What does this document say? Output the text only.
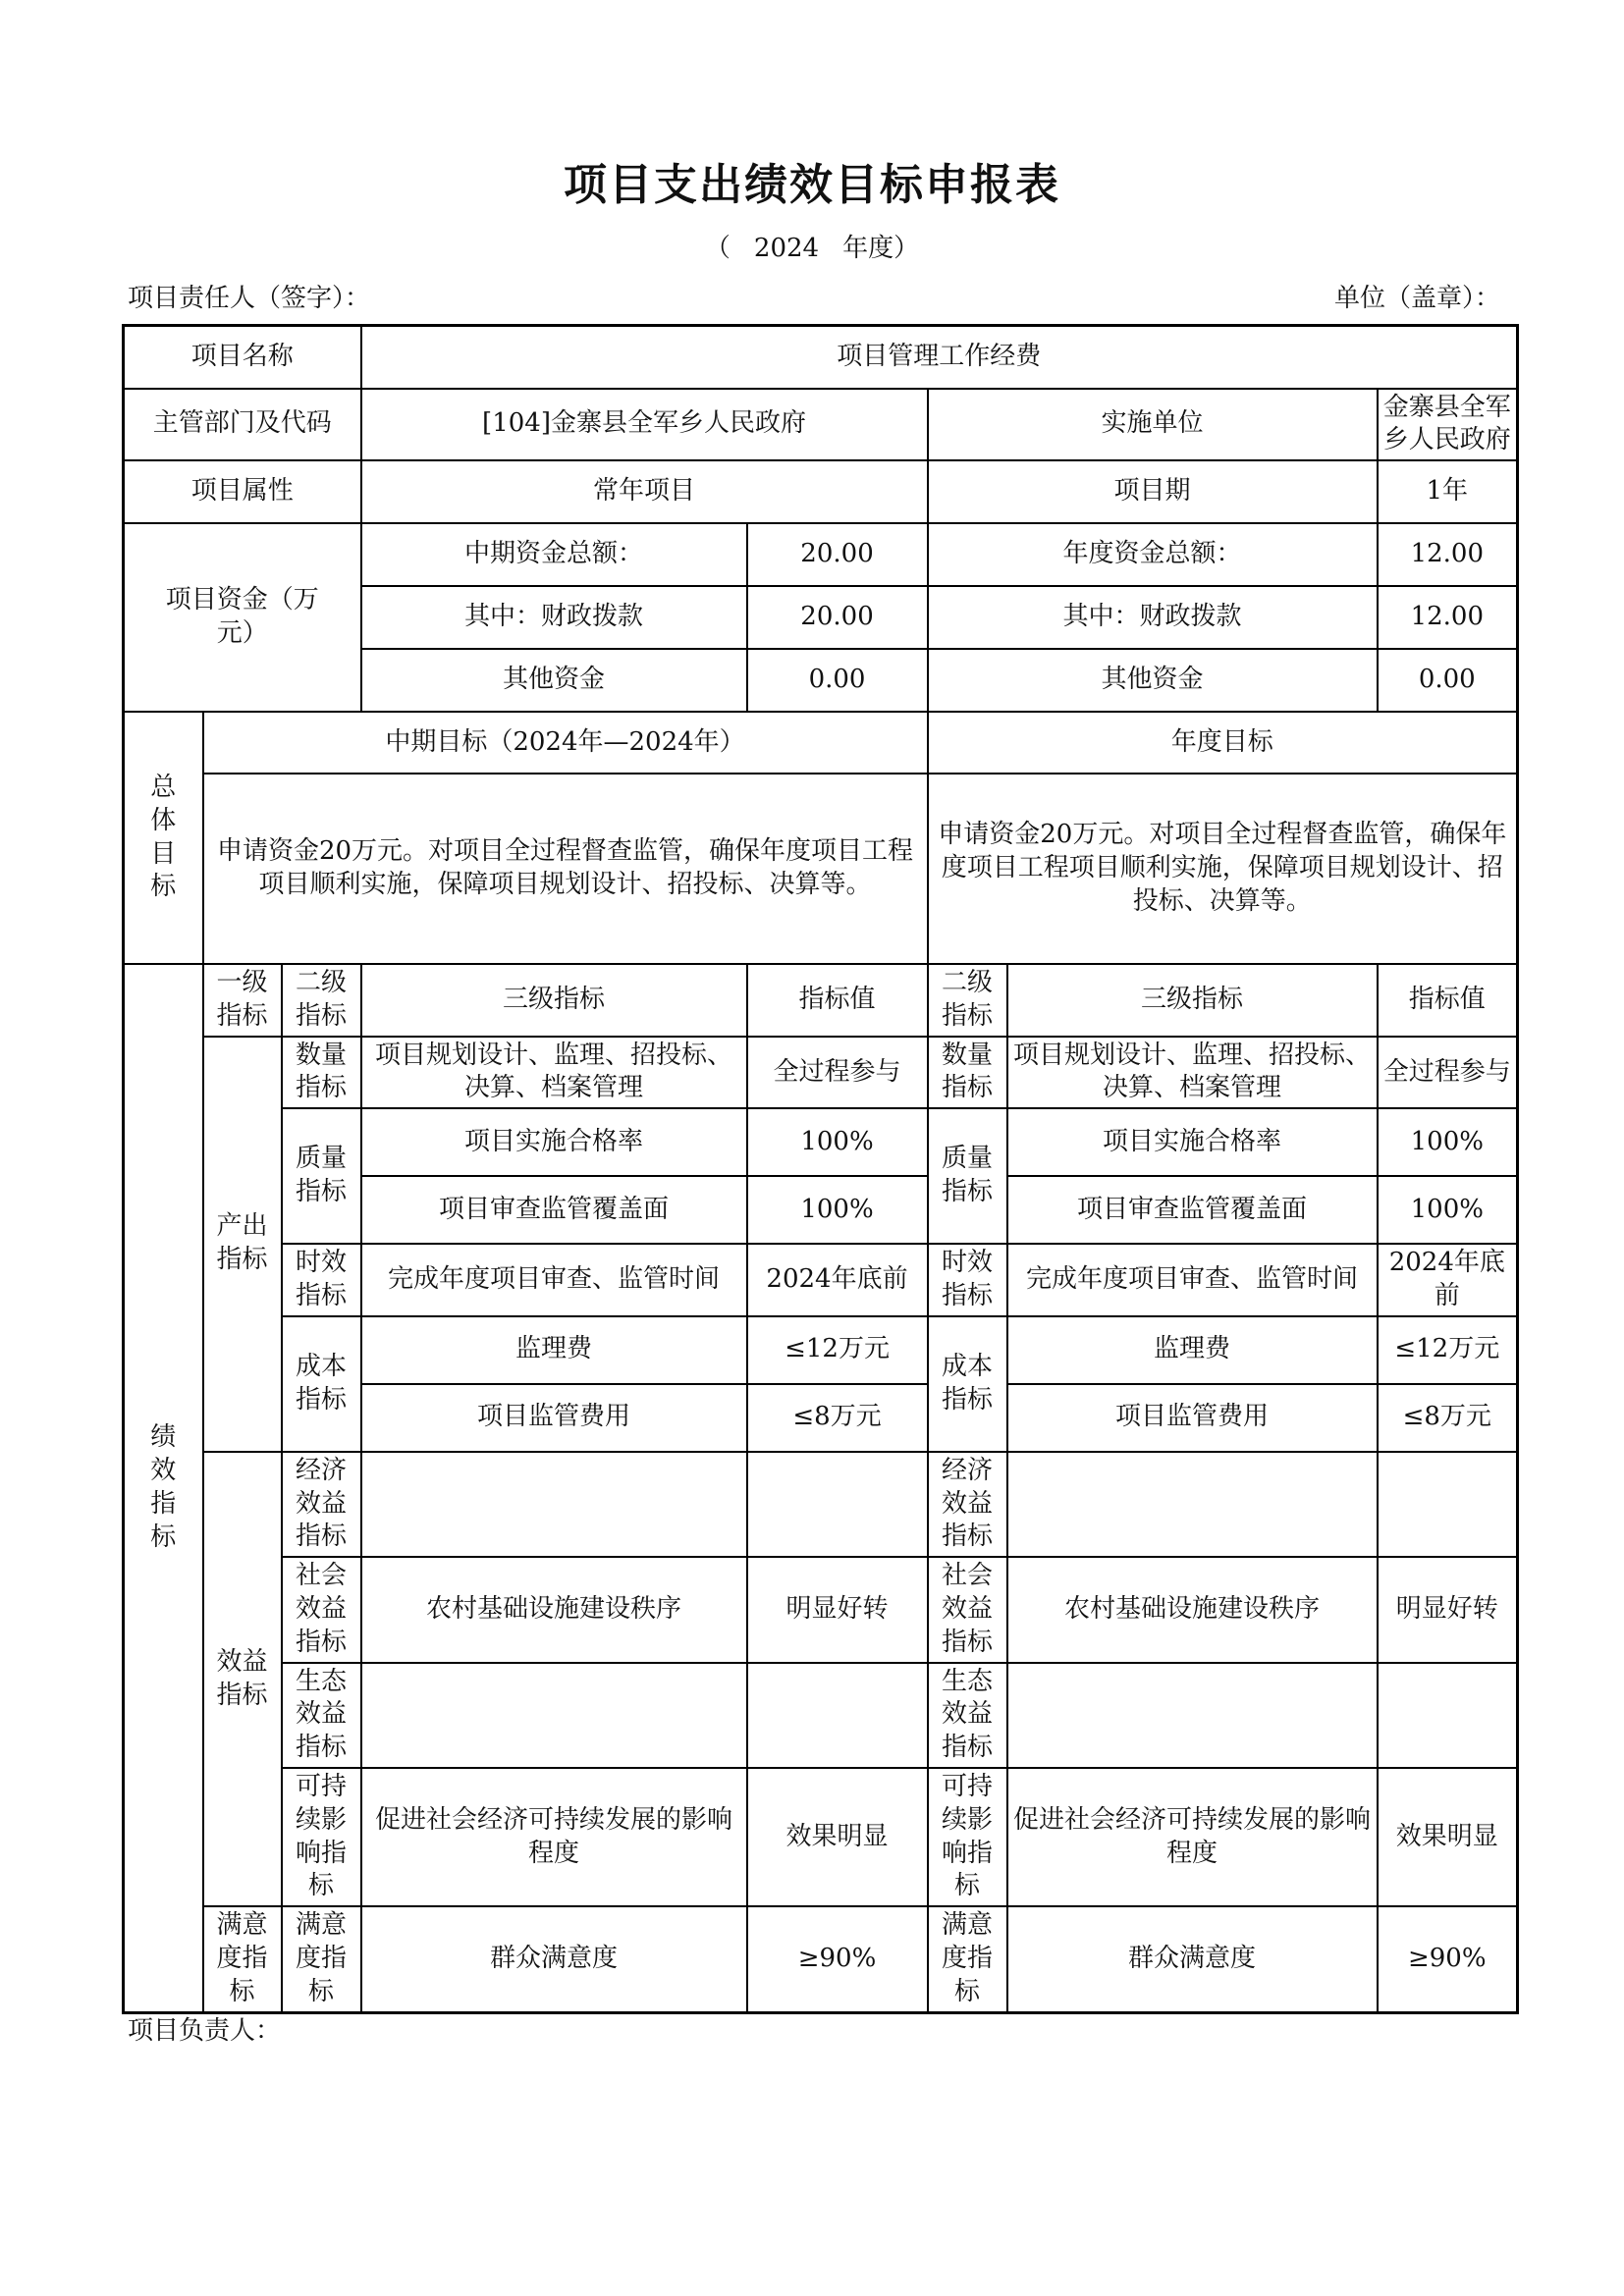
项目支出绩效目标申报表
（ 2024 年度）
项目责任人（签字）：	单位（盖章）：
项目名称			项目管理工作经费				
主管部门及代码			[104]金寨县全军乡人民政府		实施单位		金寨县全军乡人民政府
项目属性			常年项目		项目期		1年
项目资金（万元）			中期资金总额：	20.00	年度资金总额：		12.00
			其中：财政拨款	20.00	其中：财政拨款		12.00
			其他资金	0.00	其他资金		0.00
总体目标	中期目标（2024年—2024年）				年度目标		
	申请资金20万元。对项目全过程督查监管，确保年度项目工程项目顺利实施，保障项目规划设计、招投标、决算等。				申请资金20万元。对项目全过程督查监管，确保年度项目工程项目顺利实施，保障项目规划设计、招投标、决算等。		
绩效指标	一级指标	二级指标	三级指标	指标值	二级指标	三级指标	指标值
	产出指标	数量指标	项目规划设计、监理、招投标、决算、档案管理	全过程参与	数量指标	项目规划设计、监理、招投标、决算、档案管理	全过程参与
		质量指标	项目实施合格率	100%	质量指标	项目实施合格率	100%
			项目审查监管覆盖面	100%		项目审查监管覆盖面	100%
		时效指标	完成年度项目审查、监管时间	2024年底前	时效指标	完成年度项目审查、监管时间	2024年底前
		成本指标	监理费	≤12万元	成本指标	监理费	≤12万元
			项目监管费用	≤8万元		项目监管费用	≤8万元
	效益指标	经济效益指标			经济效益指标		
		社会效益指标	农村基础设施建设秩序	明显好转	社会效益指标	农村基础设施建设秩序	明显好转
		生态效益指标			生态效益指标		
		可持续影响指标	促进社会经济可持续发展的影响程度	效果明显	可持续影响指标	促进社会经济可持续发展的影响程度	效果明显
	满意度指标	满意度指标	群众满意度	≥90%	满意度指标	群众满意度	≥90%
项目负责人：
